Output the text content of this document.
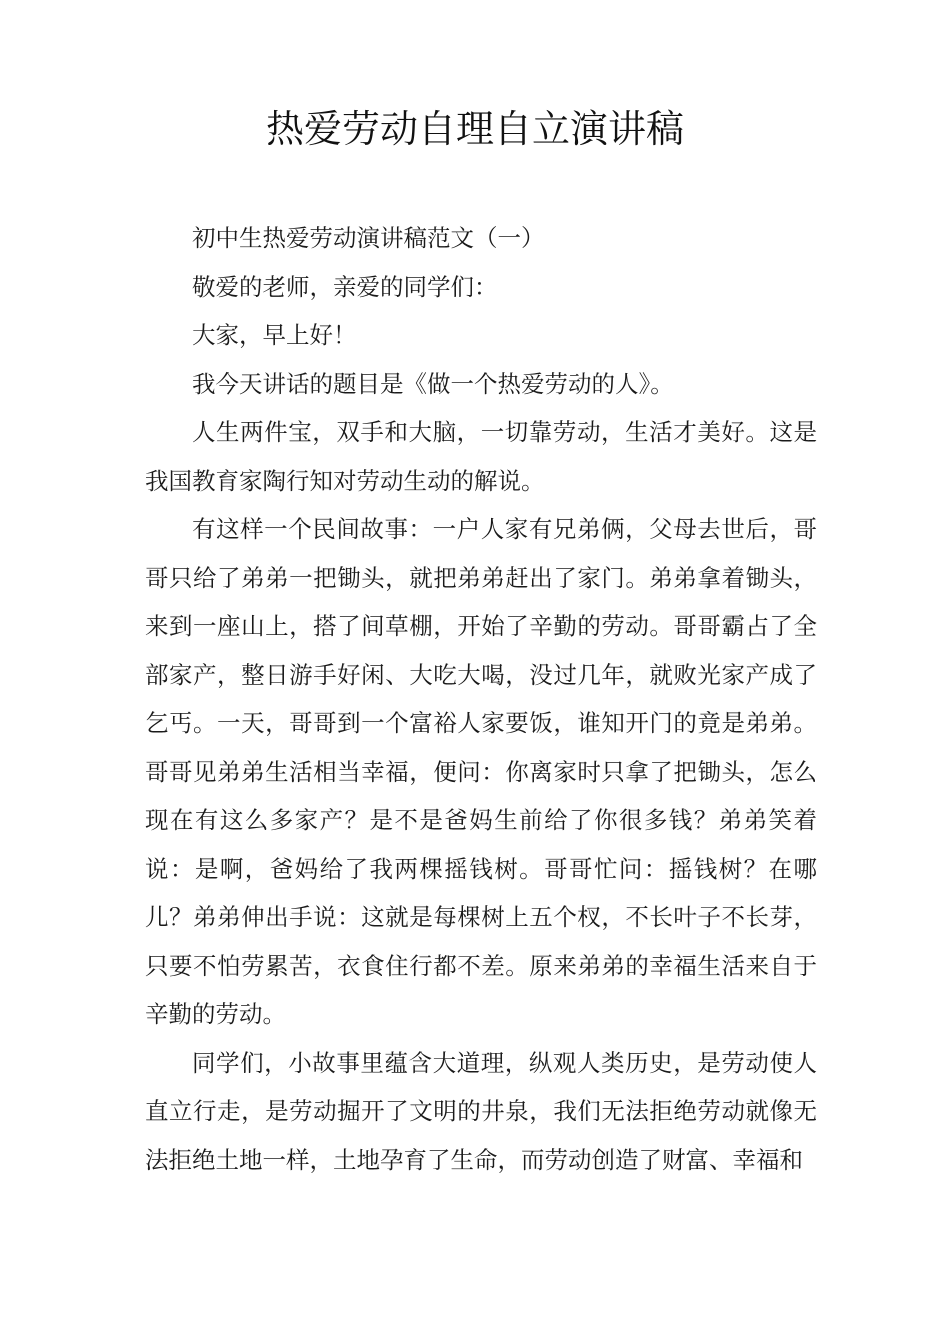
热爱劳动自理自立演讲稿

初中生热爱劳动演讲稿范文（一）

敬爱的老师，亲爱的同学们：

大家，早上好！

我今天讲话的题目是《做一个热爱劳动的人》。

人生两件宝，双手和大脑，一切靠劳动，生活才美好。这是我国教育家陶行知对劳动生动的解说。

有这样一个民间故事：一户人家有兄弟俩，父母去世后，哥哥只给了弟弟一把锄头，就把弟弟赶出了家门。弟弟拿着锄头，来到一座山上，搭了间草棚，开始了辛勤的劳动。哥哥霸占了全部家产，整日游手好闲、大吃大喝，没过几年，就败光家产成了乞丐。一天，哥哥到一个富裕人家要饭，谁知开门的竟是弟弟。哥哥见弟弟生活相当幸福，便问：你离家时只拿了把锄头，怎么现在有这么多家产？是不是爸妈生前给了你很多钱？弟弟笑着说：是啊，爸妈给了我两棵摇钱树。哥哥忙问：摇钱树？在哪儿？弟弟伸出手说：这就是每棵树上五个杈，不长叶子不长芽，只要不怕劳累苦，衣食住行都不差。原来弟弟的幸福生活来自于辛勤的劳动。

同学们，小故事里蕴含大道理，纵观人类历史，是劳动使人直立行走，是劳动掘开了文明的井泉，我们无法拒绝劳动就像无法拒绝土地一样，土地孕育了生命，而劳动创造了财富、幸福和
